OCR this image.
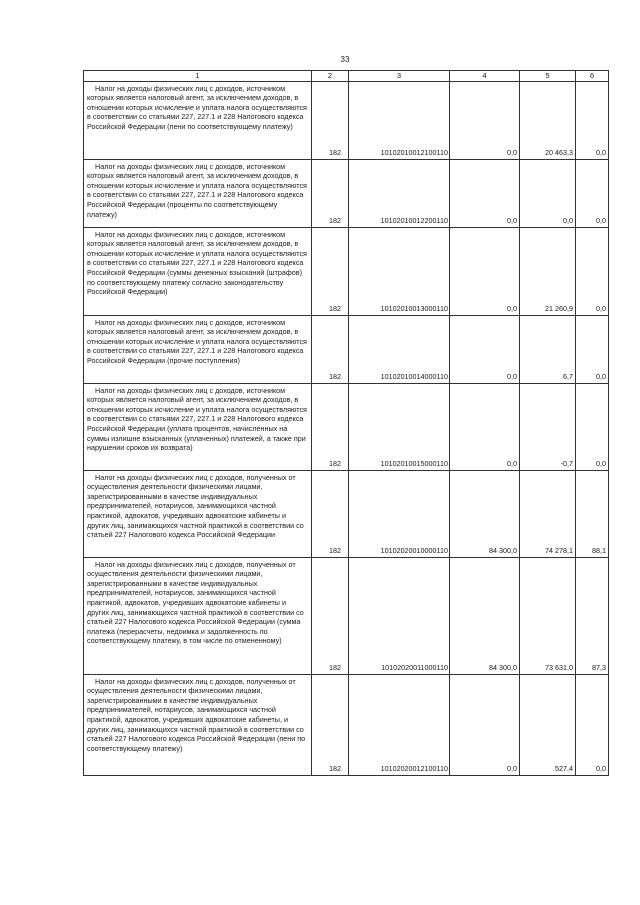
33
1	2	3	4	5	6

Налог на доходы физических лиц с доходов, источником которых является налоговый агент, за исключением доходов, в отношении которых исчисление и уплата налога осуществляются в соответствии со статьями 227, 227.1 и 228 Налогового кодекса Российской Федерации (пени по соответствующему платежу)	182	10102010012100110	0,0	20 463,3	0,0

Налог на доходы физических лиц с доходов, источником которых является налоговый агент, за исключением доходов, в отношении которых исчисление и уплата налога осуществляются в соответствии со статьями 227, 227.1 и 228 Налогового кодекса Российской Федерации (проценты по соответствующему платежу)	182	10102010012200110	0,0	0,0	0,0

Налог на доходы физических лиц с доходов, источником которых является налоговый агент, за исключением доходов, в отношении которых исчисление и уплата налога осуществляются в соответствии со статьями 227, 227.1 и 228 Налогового кодекса Российской Федерации (суммы денежных взысканий (штрафов) по соответствующему платежу согласно законодательству Российской Федерации)	182	10102010013000110	0,0	21 260,9	0,0

Налог на доходы физических лиц с доходов, источником которых является налоговый агент, за исключением доходов, в отношении которых исчисление и уплата налога осуществляются в соответствии со статьями 227, 227.1 и 228 Налогового кодекса Российской Федерации (прочие поступления)	182	10102010014000110	0,0	6,7	0,0

Налог на доходы физических лиц с доходов, источником которых является налоговый агент, за исключением доходов, в отношении которых исчисление и уплата налога осуществляются в соответствии со статьями 227, 227.1 и 228 Налогового кодекса Российской Федерации (уплата процентов, начисленных на суммы излишне взысканных (уплаченных) платежей, а также при нарушении сроков их возврата)	182	10102010015000110	0,0	-0,7	0,0

Налог на доходы физических лиц с доходов, полученных от осуществления деятельности физическими лицами, зарегистрированными в качестве индивидуальных предпринимателей, нотариусов, занимающихся частной практикой, адвокатов, учредивших адвокатские кабинеты и других лиц, занимающихся частной практикой в соответствии со статьей 227 Налогового кодекса Российской Федерации	182	10102020010000110	84 300,0	74 278,1	88,1

Налог на доходы физических лиц с доходов, полученных от осуществления деятельности физическими лицами, зарегистрированными в качестве индивидуальных предпринимателей, нотариусов, занимающихся частной практикой, адвокатов, учредивших адвокатские кабинеты и других лиц, занимающихся частной практикой в соответствии со статьей 227 Налогового кодекса Российской Федерации (сумма платежа (перерасчеты, недоимка и задолженность по соответствующему платежу, в том числе по отмененному)	182	10102020011000110	84 300,0	73 631,0	87,3

Налог на доходы физических лиц с доходов, полученных от осуществления деятельности физическими лицами, зарегистрированными в качестве индивидуальных предпринимателей, нотариусов, занимающихся частной практикой, адвокатов, учредивших адвокатские кабинеты, и других лиц, занимающихся частной практикой в соответствии со статьей 227 Налогового кодекса Российской Федерации (пени по соответствующему платежу)	182	10102020012100110	0,0	527,4	0,0
